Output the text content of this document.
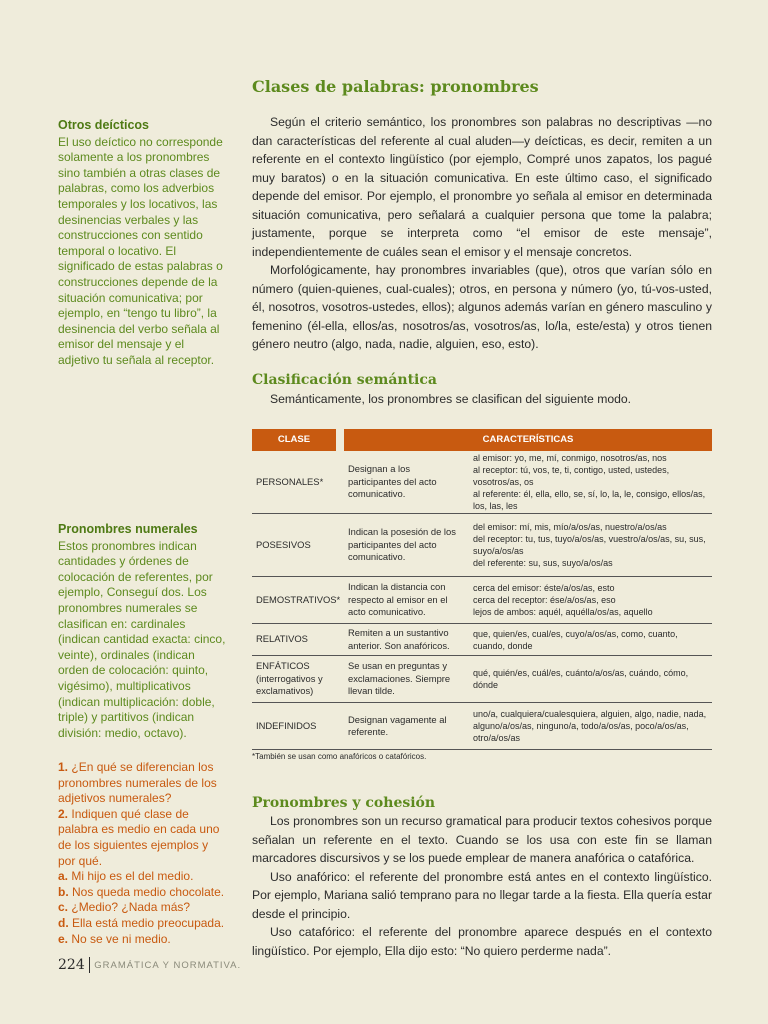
Otros deícticos

El uso deíctico no corresponde solamente a los pronombres sino también a otras clases de palabras, como los adverbios temporales y los locativos, las desinencias verbales y las construcciones con sentido temporal o locativo. El significado de estas palabras o construcciones depende de la situación comunicativa; por ejemplo, en “tengo tu libro”, la desinencia del verbo señala al emisor del mensaje y el adjetivo tu señala al receptor.

Pronombres numerales

Estos pronombres indican cantidades y órdenes de colocación de referentes, por ejemplo, Conseguí dos. Los pronombres numerales se clasifican en: cardinales (indican cantidad exacta: cinco, veinte), ordinales (indican orden de colocación: quinto, vigésimo), multiplicativos (indican multiplicación: doble, triple) y partitivos (indican división: medio, octavo).

1. ¿En qué se diferencian los pronombres numerales de los adjetivos numerales?
2. Indiquen qué clase de palabra es medio en cada uno de los siguientes ejemplos y por qué.
a. Mi hijo es el del medio.
b. Nos queda medio chocolate.
c. ¿Medio? ¿Nada más?
d. Ella está medio preocupada.
e. No se ve ni medio.
Clases de palabras: pronombres

Según el criterio semántico, los pronombres son palabras no descriptivas —no dan características del referente al cual aluden—y deícticas, es decir, remiten a un referente en el contexto lingüístico (por ejemplo, Compré unos zapatos, los pagué muy baratos) o en la situación comunicativa. En este último caso, el significado depende del emisor. Por ejemplo, el pronombre yo señala al emisor en determinada situación comunicativa, pero señalará a cualquier persona que tome la palabra; justamente, porque se interpreta como “el emisor de este mensaje”, independientemente de cuáles sean el emisor y el mensaje concretos.

Morfológicamente, hay pronombres invariables (que), otros que varían sólo en número (quien-quienes, cual-cuales); otros, en persona y número (yo, tú-vos-usted, él, nosotros, vosotros-ustedes, ellos); algunos además varían en género masculino y femenino (él-ella, ellos/as, nosotros/as, vosotros/as, lo/la, este/esta) y otros tienen género neutro (algo, nada, nadie, alguien, eso, esto).

Clasificación semántica

Semánticamente, los pronombres se clasifican del siguiente modo.

CLASE	CARACTERÍSTICAS
PERSONALES*
Designan a los participantes del acto comunicativo.
al emisor: yo, me, mí, conmigo, nosotros/as, nos
al receptor: tú, vos, te, ti, contigo, usted, ustedes, vosotros/as, os
al referente: él, ella, ello, se, sí, lo, la, le, consigo, ellos/as, los, las, les
POSESIVOS
Indican la posesión de los participantes del acto comunicativo.
del emisor: mí, mis, mío/a/os/as, nuestro/a/os/as
del receptor: tu, tus, tuyo/a/os/as, vuestro/a/os/as, su, sus, suyo/a/os/as
del referente: su, sus, suyo/a/os/as
DEMOSTRATIVOS*
Indican la distancia con respecto al emisor en el acto comunicativo.
cerca del emisor: éste/a/os/as, esto
cerca del receptor: ése/a/os/as, eso
lejos de ambos: aquél, aquélla/os/as, aquello
RELATIVOS
Remiten a un sustantivo anterior. Son anafóricos.
que, quien/es, cual/es, cuyo/a/os/as, como, cuanto, cuando, donde
ENFÁTICOS (interrogativos y exclamativos)
Se usan en preguntas y exclamaciones. Siempre llevan tilde.
qué, quién/es, cuál/es, cuánto/a/os/as, cuándo, cómo, dónde
INDEFINIDOS
Designan vagamente al referente.
uno/a, cualquiera/cualesquiera, alguien, algo, nadie, nada, alguno/a/os/as, ninguno/a, todo/a/os/as, poco/a/os/as, otro/a/os/as
*También se usan como anafóricos o catafóricos.
Pronombres y cohesión

Los pronombres son un recurso gramatical para producir textos cohesivos porque señalan un referente en el texto. Cuando se los usa con este fin se llaman marcadores discursivos y se los puede emplear de manera anafórica o catafórica.

Uso anafórico: el referente del pronombre está antes en el contexto lingüístico. Por ejemplo, Mariana salió temprano para no llegar tarde a la fiesta. Ella quería estar desde el principio.

Uso catafórico: el referente del pronombre aparece después en el contexto lingüístico. Por ejemplo, Ella dijo esto: “No quiero perderme nada”.

224 GRAMÁTICA Y NORMATIVA.
